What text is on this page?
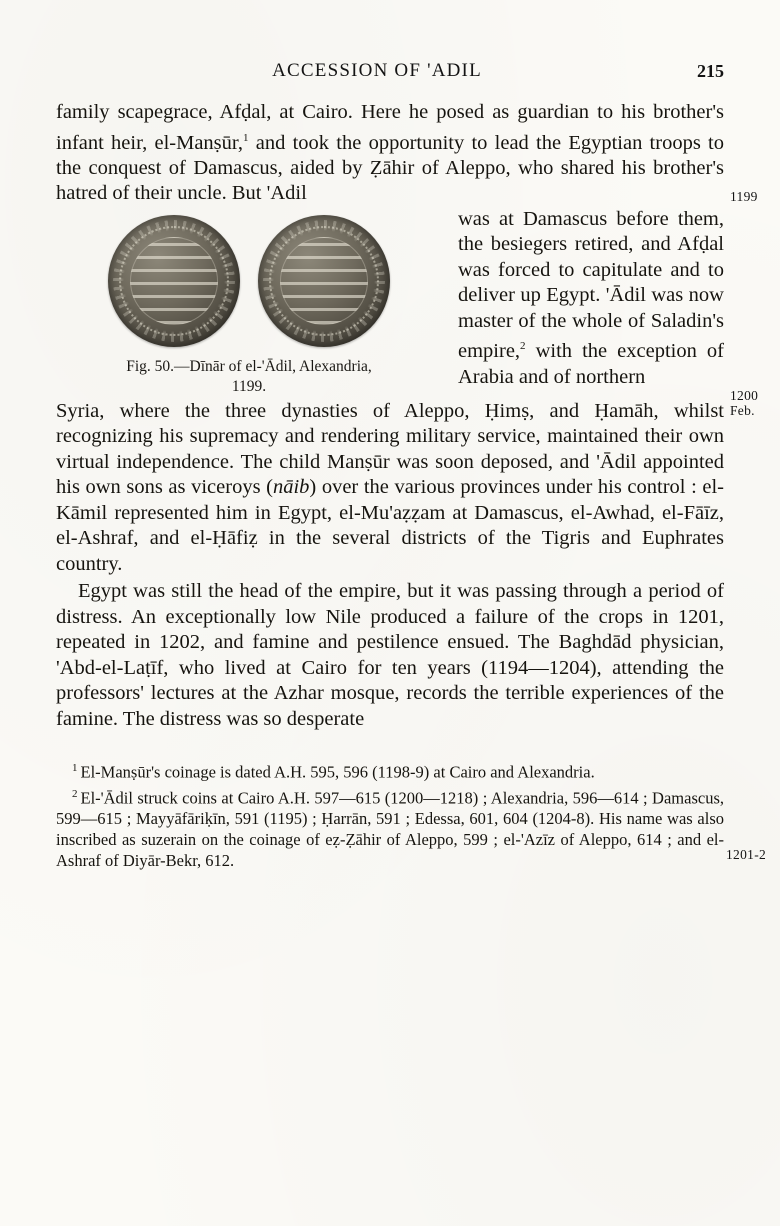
ACCESSION OF 'ADIL	215

family scapegrace, Afḍal, at Cairo. Here he posed as guardian to his brother's infant heir, el-Manṣūr,$^1$ and took the opportunity to lead the Egyptian troops to the conquest of Damascus, aided by Ẓāhir of Aleppo, who shared his brother's hatred of their uncle. But 'Adil

Fig. 50.—Dīnār of el-'Ādil, Alexandria,
1199.

was at Damascus before them, the besiegers retired, and Afḍal was forced to capitulate and to deliver up Egypt. 'Ādil was now master of the whole of Saladin's empire,$^2$ with the exception of Arabia and of northern

Syria, where the three dynasties of Aleppo, Ḥimṣ, and Ḥamāh, whilst recognizing his supremacy and rendering military service, maintained their own virtual independence. The child Manṣūr was soon deposed, and 'Ādil appointed his own sons as viceroys (nāib) over the various provinces under his control : el-Kāmil represented him in Egypt, el-Mu'aẓẓam at Damascus, el-Awhad, el-Fāīz, el-Ashraf, and el-Ḥāfiẓ in the several districts of the Tigris and Euphrates country.

Egypt was still the head of the empire, but it was passing through a period of distress. An exceptionally low Nile produced a failure of the crops in 1201, repeated in 1202, and famine and pestilence ensued. The Baghdād physician, 'Abd-el-Laṭīf, who lived at Cairo for ten years (1194—1204), attending the professors' lectures at the Azhar mosque, records the terrible experiences of the famine. The distress was so desperate

$^1$ El-Manṣūr's coinage is dated A.H. 595, 596 (1198-9) at Cairo and Alexandria.

$^2$ El-'Ādil struck coins at Cairo A.H. 597—615 (1200—1218) ; Alexandria, 596—614 ; Damascus, 599—615 ; Mayyāfāriḳīn, 591 (1195) ; Ḥarrān, 591 ; Edessa, 601, 604 (1204-8). His name was also inscribed as suzerain on the coinage of eẓ-Ẓāhir of Aleppo, 599 ; el-'Azīz of Aleppo, 614 ; and el-Ashraf of Diyār-Bekr, 612.

1199
1200
Feb.
1201-2
